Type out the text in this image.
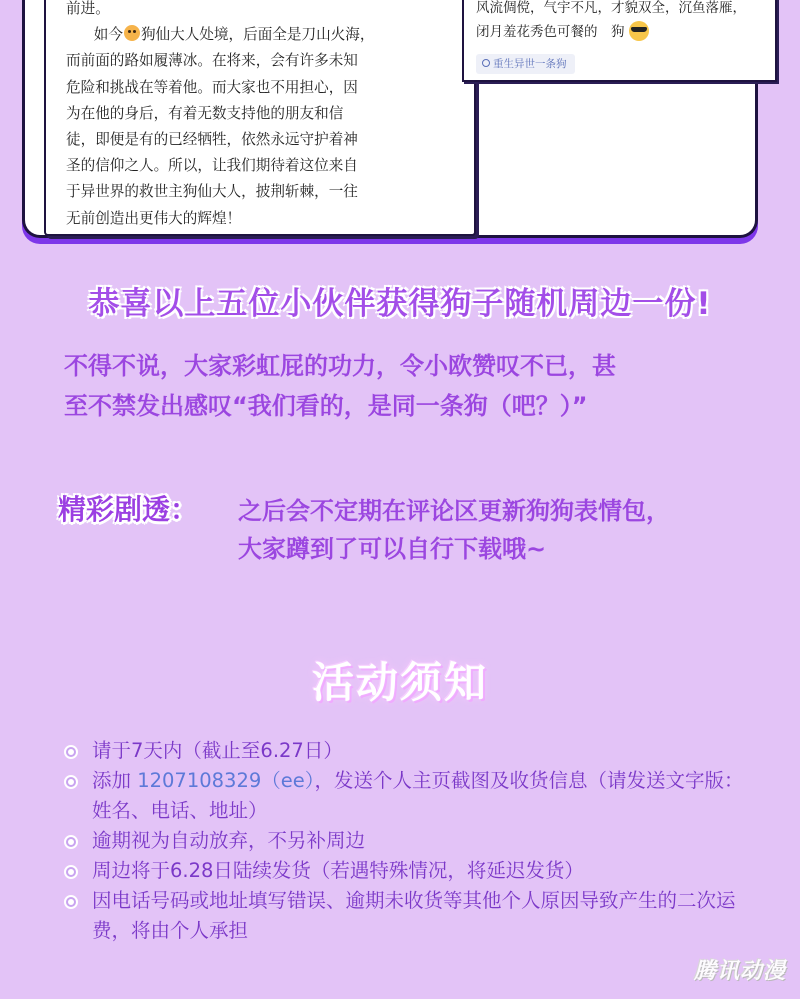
前进。
如今 狗仙大人处境，后面全是刀山火海，
而前面的路如履薄冰。在将来，会有许多未知
危险和挑战在等着他。而大家也不用担心，因
为在他的身后，有着无数支持他的朋友和信
徒，即便是有的已经牺牲，依然永远守护着神
圣的信仰之人。所以，让我们期待着这位来自
于异世界的救世主狗仙大人，披荆斩棘，一往
无前创造出更伟大的辉煌！
风流倜傥，气宇不凡，才貌双全，沉鱼落雁，
闭月羞花秀色可餐的　狗
重生异世一条狗
恭喜以上五位小伙伴获得狗子随机周边一份!
不得不说，大家彩虹屁的功力，令小欧赞叹不已，甚
至不禁发出感叹“我们看的，是同一条狗（吧？）”
精彩剧透： 之后会不定期在评论区更新狗狗表情包，
大家蹲到了可以自行下载哦~
活动须知
请于7天内（截止至6.27日）
添加 1207108329（ee），发送个人主页截图及收货信息（请发送文字版：姓名、电话、地址）
逾期视为自动放弃，不另补周边
周边将于6.28日陆续发货（若遇特殊情况，将延迟发货）
因电话号码或地址填写错误、逾期未收货等其他个人原因导致产生的二次运费，将由个人承担
腾讯动漫
